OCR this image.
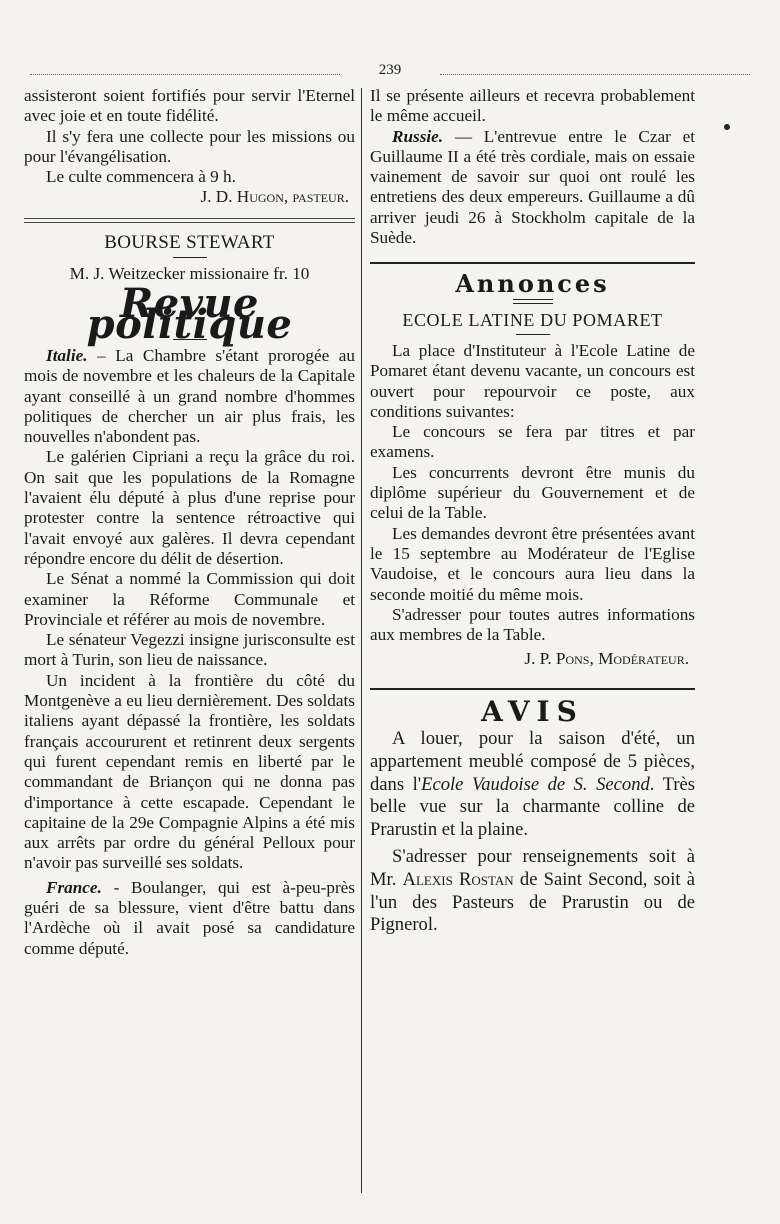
239

assisteront soient fortifiés pour servir l'Eternel avec joie et en toute fidélité.

Il s'y fera une collecte pour les missions ou pour l'évangélisation.

Le culte commencera à 9 h.

J. D. Hugon, pasteur.

BOURSE STEWART

M. J. Weitzecker missionaire fr. 10

Revue politique

Italie. – La Chambre s'étant prorogée au mois de novembre et les chaleurs de la Capitale ayant conseillé à un grand nombre d'hommes politiques de chercher un air plus frais, les nouvelles n'abondent pas.

Le galérien Cipriani a reçu la grâce du roi. On sait que les populations de la Romagne l'avaient élu député à plus d'une reprise pour protester contre la sentence rétroactive qui l'avait envoyé aux galères. Il devra cependant répondre encore du délit de désertion.

Le Sénat a nommé la Commission qui doit examiner la Réforme Communale et Provinciale et référer au mois de novembre.

Le sénateur Vegezzi insigne jurisconsulte est mort à Turin, son lieu de naissance.

Un incident à la frontière du côté du Montgenève a eu lieu dernièrement. Des soldats italiens ayant dépassé la frontière, les soldats français accoururent et retinrent deux sergents qui furent cependant remis en liberté par le commandant de Briançon qui ne donna pas d'importance à cette escapade. Cependant le capitaine de la 29e Compagnie Alpins a été mis aux arrêts par ordre du général Pelloux pour n'avoir pas surveillé ses soldats.

France. - Boulanger, qui est à-peu-près guéri de sa blessure, vient d'être battu dans l'Ardèche où il avait posé sa candidature comme député.

Il se présente ailleurs et recevra probablement le même accueil.

Russie. — L'entrevue entre le Czar et Guillaume II a été très cordiale, mais on essaie vainement de savoir sur quoi ont roulé les entretiens des deux empereurs. Guillaume a dû arriver jeudi 26 à Stockholm capitale de la Suède.

Annonces
ECOLE LATINE DU POMARET

La place d'Instituteur à l'Ecole Latine de Pomaret étant devenu vacante, un concours est ouvert pour repourvoir ce poste, aux conditions suivantes:

Le concours se fera par titres et par examens.

Les concurrents devront être munis du diplôme supérieur du Gouvernement et de celui de la Table.

Les demandes devront être présentées avant le 15 septembre au Modérateur de l'Eglise Vaudoise, et le concours aura lieu dans la seconde moitié du même mois.

S'adresser pour toutes autres informations aux membres de la Table.

J. P. Pons, Modérateur.

AVIS

A louer, pour la saison d'été, un appartement meublé composé de 5 pièces, dans l'Ecole Vaudoise de S. Second. Très belle vue sur la charmante colline de Prarustin et la plaine.

S'adresser pour renseignements soit à Mr. Alexis Rostan de Saint Second, soit à l'un des Pasteurs de Prarustin ou de Pignerol.
